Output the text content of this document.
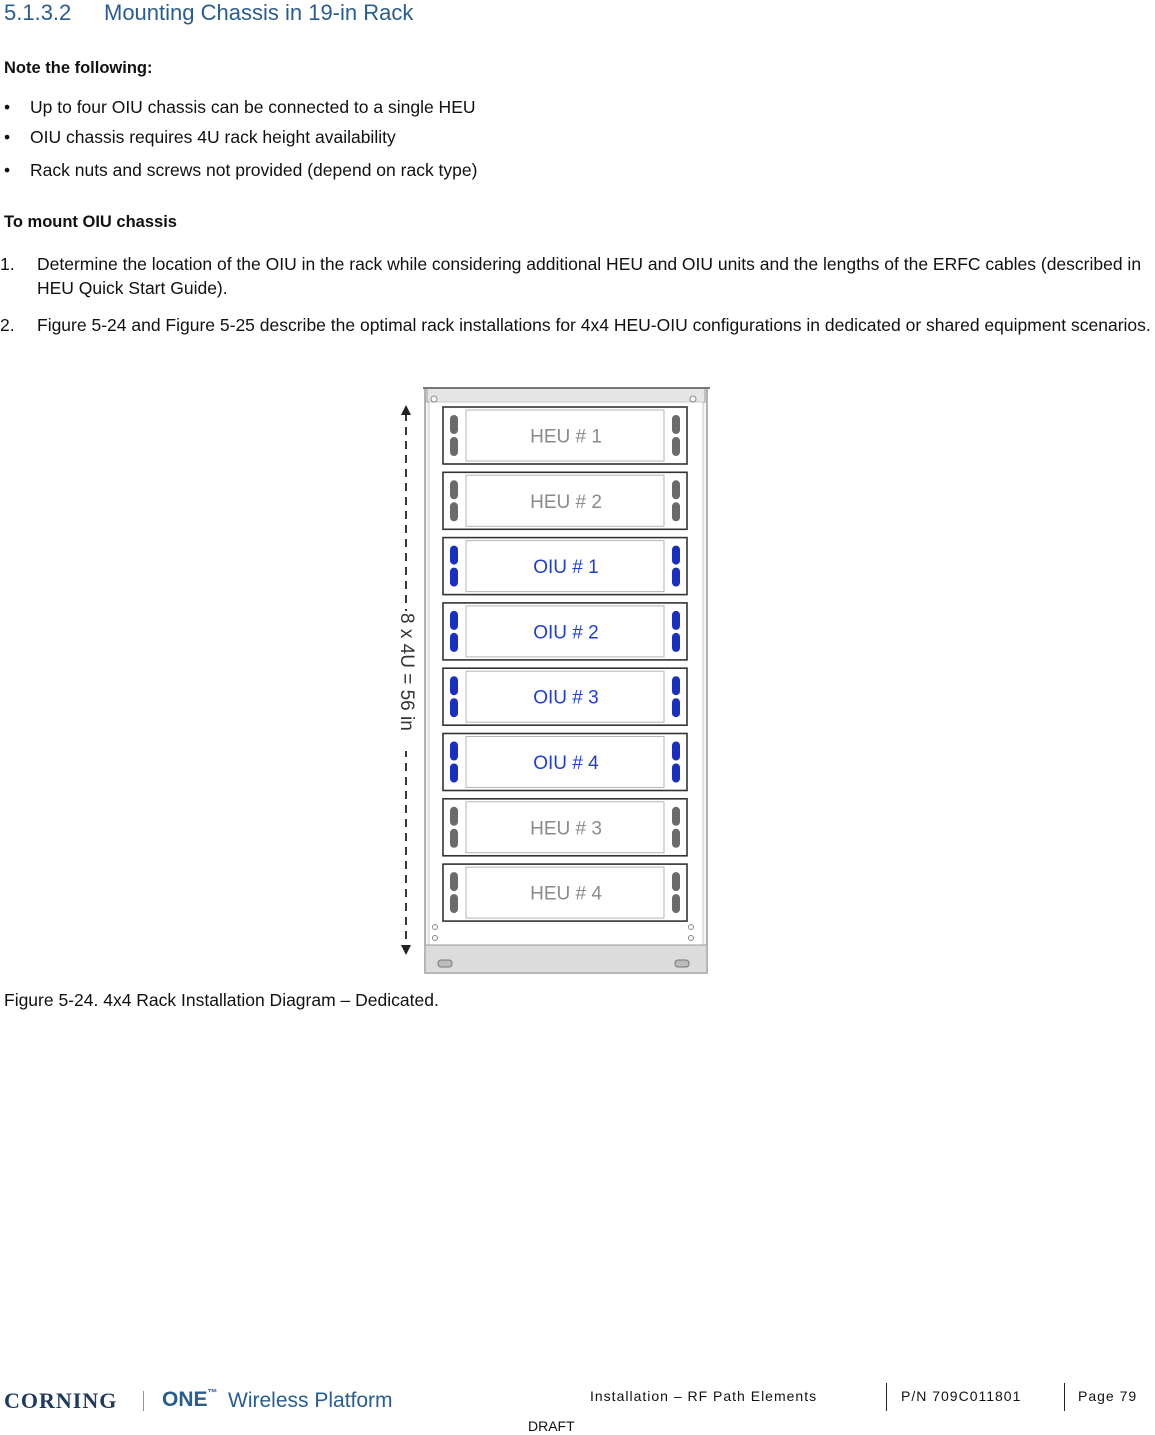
5.1.3.2 Mounting Chassis in 19-in Rack
Note the following:
• Up to four OIU chassis can be connected to a single HEU
• OIU chassis requires 4U rack height availability
• Rack nuts and screws not provided (depend on rack type)
To mount OIU chassis
1. Determine the location of the OIU in the rack while considering additional HEU and OIU units and the lengths of the ERFC cables (described in HEU Quick Start Guide).
2. Figure 5-24 and Figure 5-25 describe the optimal rack installations for 4x4 HEU-OIU configurations in dedicated or shared equipment scenarios.
HEU # 1
HEU # 2
OIU # 1
OIU # 2
OIU # 3
OIU # 4
HEU # 3
HEU # 4
8 x 4U = 56 in
Figure 5-24. 4x4 Rack Installation Diagram – Dedicated.
CORNING ONE™ Wireless Platform	Installation – RF Path Elements	P/N 709C011801	Page 79
DRAFT
